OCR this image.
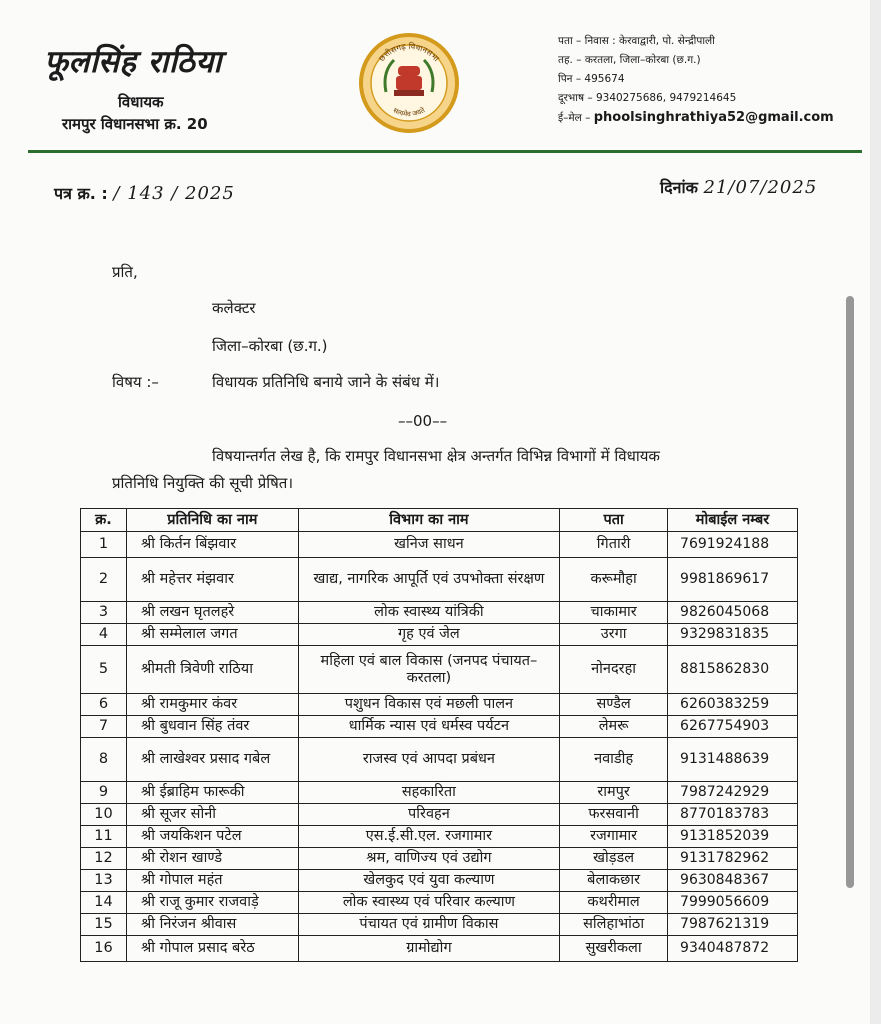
फूलसिंह राठिया
विधायक
रामपुर विधानसभा क्र. 20
छत्तीसगढ़ विधानसभा
सत्यमेव जयते
पता – निवास : केरवाद्वारी, पो. सेन्द्रीपाली
तह. – करतला, जिला–कोरबा (छ.ग.)
पिन – 495674
दूरभाष – 9340275686, 9479214645
ई–मेल – phoolsinghrathiya52@gmail.com
पत्र क्र. : / 143 / 2025	दिनांक 21/07/2025
प्रति,
कलेक्टर
जिला–कोरबा (छ.ग.)
विषय :–	विधायक प्रतिनिधि बनाये जाने के संबंध में।
––00––
विषयान्तर्गत लेख है, कि रामपुर विधानसभा क्षेत्र अन्तर्गत विभिन्न विभागों में विधायक
प्रतिनिधि नियुक्ति की सूची प्रेषित।
क्र.	प्रतिनिधि का नाम	विभाग का नाम	पता	मोबाईल नम्बर
1	श्री किर्तन बिंझवार	खनिज साधन	गितारी	7691924188
2	श्री महेत्तर मंझवार	खाद्य, नागरिक आपूर्ति एवं उपभोक्ता संरक्षण	करूमौहा	9981869617
3	श्री लखन घृतलहरे	लोक स्वास्थ्य यांत्रिकी	चाकामार	9826045068
4	श्री सम्मेलाल जगत	गृह एवं जेल	उरगा	9329831835
5	श्रीमती त्रिवेणी राठिया	महिला एवं बाल विकास (जनपद पंचायत–करतला)	नोनदरहा	8815862830
6	श्री रामकुमार कंवर	पशुधन विकास एवं मछली पालन	सण्डैल	6260383259
7	श्री बुधवान सिंह तंवर	धार्मिक न्यास एवं धर्मस्व पर्यटन	लेमरू	6267754903
8	श्री लाखेश्वर प्रसाद गबेल	राजस्व एवं आपदा प्रबंधन	नवाडीह	9131488639
9	श्री ईब्राहिम फारूकी	सहकारिता	रामपुर	7987242929
10	श्री सूजर सोनी	परिवहन	फरसवानी	8770183783
11	श्री जयकिशन पटेल	एस.ई.सी.एल. रजगामार	रजगामार	9131852039
12	श्री रोशन खाण्डे	श्रम, वाणिज्य एवं उद्योग	खोड़डल	9131782962
13	श्री गोपाल महंत	खेलकुद एवं युवा कल्याण	बेलाकछार	9630848367
14	श्री राजू कुमार राजवाड़े	लोक स्वास्थ्य एवं परिवार कल्याण	कथरीमाल	7999056609
15	श्री निरंजन श्रीवास	पंचायत एवं ग्रामीण विकास	सलिहाभांठा	7987621319
16	श्री गोपाल प्रसाद बरेठ	ग्रामोद्योग	सुखरीकला	9340487872
